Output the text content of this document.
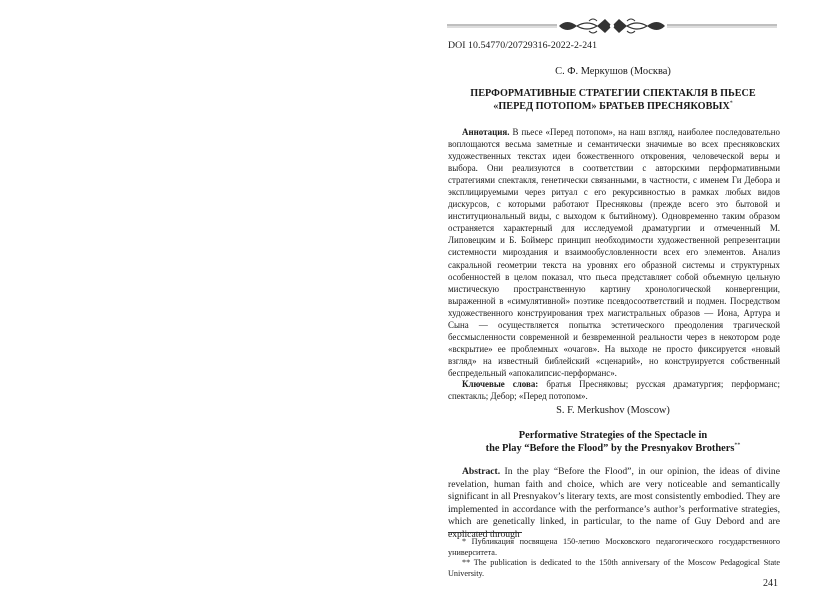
DOI 10.54770/20729316-2022-2-241
С. Ф. Меркушов (Москва)
ПЕРФОРМАТИВНЫЕ СТРАТЕГИИ СПЕКТАКЛЯ В ПЬЕСЕ
«ПЕРЕД ПОТОПОМ» БРАТЬЕВ ПРЕСНЯКОВЫХ*

Аннотация. В пьесе «Перед потопом», на наш взгляд, наиболее последовательно воплощаются весьма заметные и семантически значимые во всех пресняковских художественных текстах идеи божественного откровения, человеческой веры и выбора. Они реализуются в соответствии с авторскими перформативными стратегиями спектакля, генетически связанными, в частности, с именем Ги Дебора и эксплицируемыми через ритуал с его рекурсивностью в рамках любых видов дискурсов, с которыми работают Пресняковы (прежде всего это бытовой и институциональный виды, с выходом к бытийному). Одновременно таким образом остраняется характерный для исследуемой драматургии и отмеченный М. Липовецким и Б. Боймерс принцип необходимости художественной репрезентации системности мироздания и взаимообусловленности всех его элементов. Анализ сакральной геометрии текста на уровнях его образной системы и структурных особенностей в целом показал, что пьеса представляет собой объемную цельную мистическую пространственную картину хронологической конвергенции, выраженной в «симулятивной» поэтике псевдосоответствий и подмен. Посредством художественного конструирования трех магистральных образов — Иона, Артура и Сына — осуществляется попытка эстетического преодоления трагической бессмысленности современной и безвременной реальности через в некотором роде «вскрытие» ее проблемных «очагов». На выходе не просто фиксируется «новый взгляд» на известный библейский «сценарий», но конструируется собственный беспредельный «апокалипсис-перформанс».

Ключевые слова: братья Пресняковы; русская драматургия; перформанс; спектакль; Дебор; «Перед потопом».

S. F. Merkushov (Moscow)
Performative Strategies of the Spectacle in
the Play “Before the Flood” by the Presnyakov Brothers**

Abstract. In the play “Before the Flood”, in our opinion, the ideas of divine revelation, human faith and choice, which are very noticeable and semantically significant in all Presnyakov’s literary texts, are most consistently embodied. They are implemented in accordance with the performance’s author’s performative strategies, which are genetically linked, in particular, to the name of Guy Debord and are explicated through

* Публикация посвящена 150-летию Московского педагогического государственного университета.

** The publication is dedicated to the 150th anniversary of the Moscow Pedagogical State University.

241
